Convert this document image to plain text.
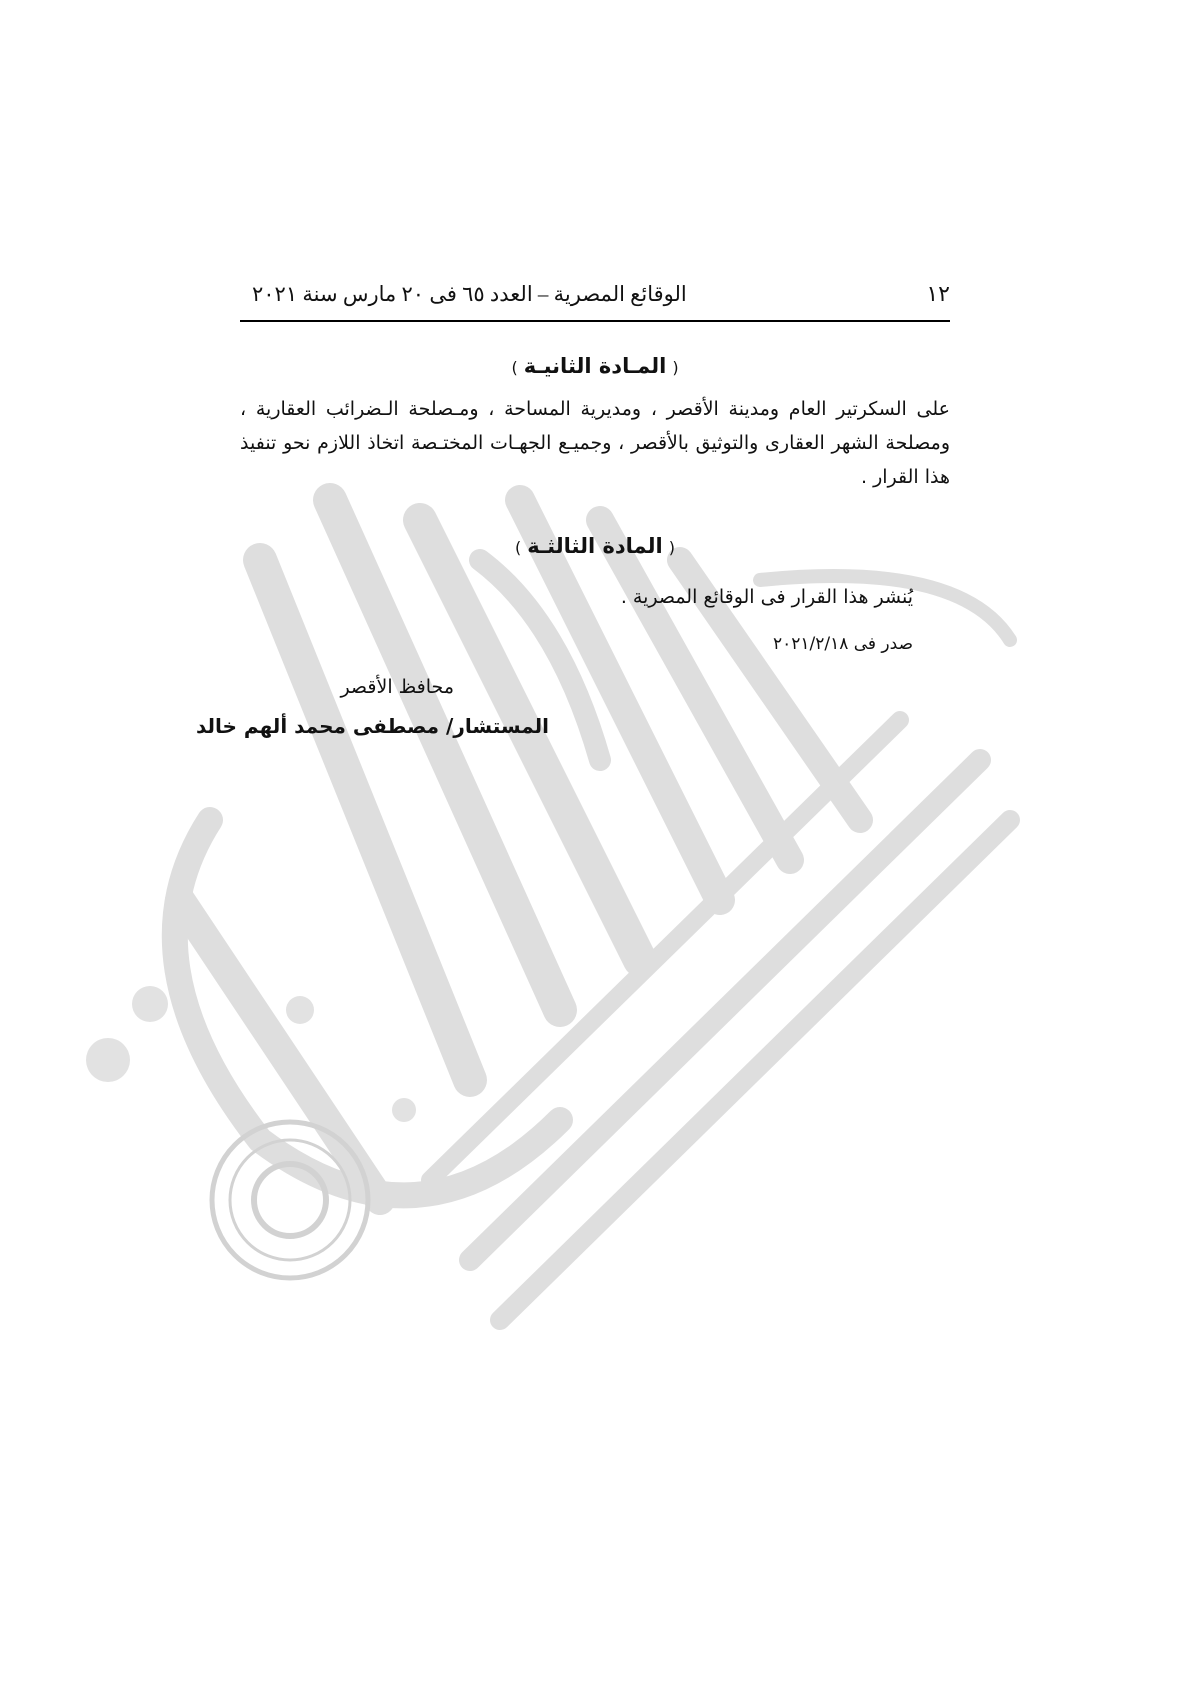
١٢
الوقائع المصرية – العدد ٦٥ فى ٢٠ مارس سنة ٢٠٢١
(المـادة الثانيـة)
على السكرتير العام ومدينة الأقصر ، ومديرية المساحة ، ومـصلحة الـضرائب العقارية ، ومصلحة الشهر العقارى والتوثيق بالأقصر ، وجميـع الجهـات المختـصة اتخاذ اللازم نحو تنفيذ هذا القرار .
(المادة الثالثـة)
يُنشر هذا القرار فى الوقائع المصرية .
صدر فى ٢٠٢١/٢/١٨
محافظ الأقصر
المستشار/ مصطفى محمد ألهم خالد
